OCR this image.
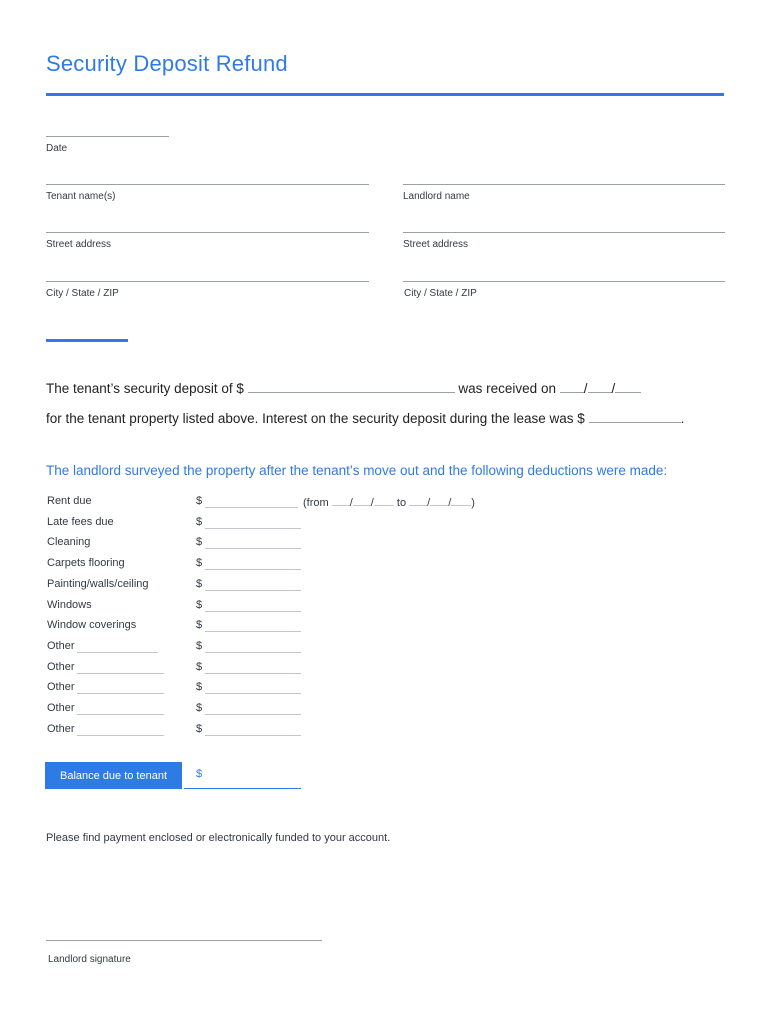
Security Deposit Refund
Date
Tenant name(s)	Landlord name
Street address	Street address
City / State / ZIP	City / State / ZIP
The tenant’s security deposit of $	was received on / /
for the tenant property listed above. Interest on the security deposit during the lease was $	.
The landlord surveyed the property after the tenant’s move out and the following deductions were made:
Rent due	$	(from / / to / / )
Late fees due	$
Cleaning	$
Carpets flooring	$
Painting/walls/ceiling	$
Windows	$
Window coverings	$
Other	$
Other	$
Other	$
Other	$
Other	$
Balance due to tenant	$
Please find payment enclosed or electronically funded to your account.
Landlord signature
